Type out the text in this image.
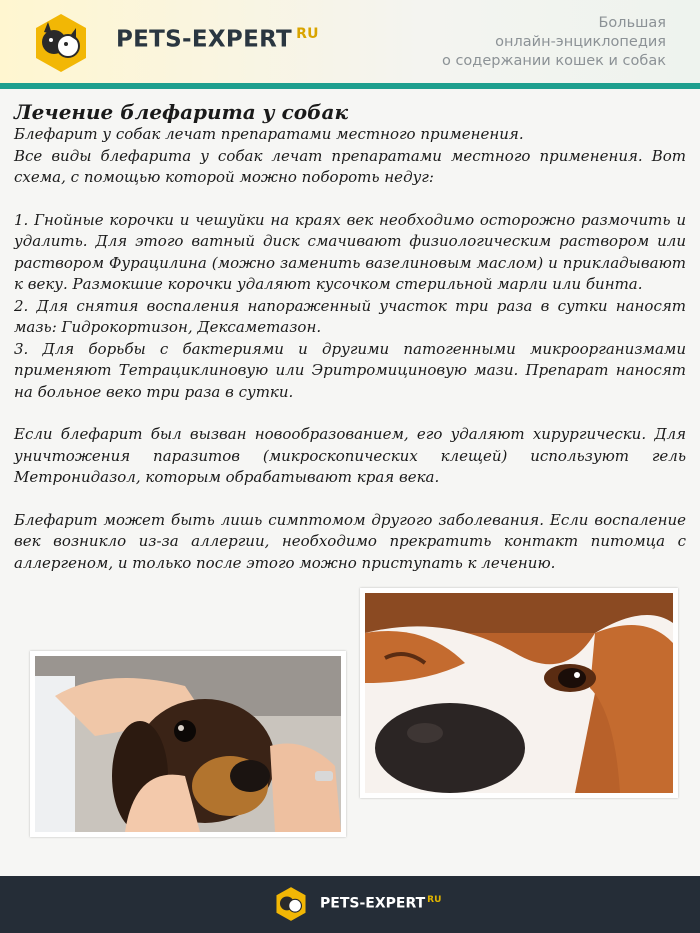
PETS-EXPERT $^{RU}$
Большая
онлайн-энциклопедия
о содержании кошек и собак
Лечение блефарита у собак

Блефарит у собак лечат препаратами местного применения.

Все виды блефарита у собак лечат препаратами местного применения. Вот схема, с помощью которой можно побороть недуг:

1. Гнойные корочки и чешуйки на краях век необходимо осторожно размочить и удалить. Для этого ватный диск смачивают физиологическим раствором или раствором Фурацилина (можно заменить вазелиновым маслом) и прикладывают к веку. Размокшие корочки удаляют кусочком стерильной марли или бинта.

2. Для снятия воспаления напораженный участок три раза в сутки наносят мазь: Гидрокортизон, Дексаметазон.

3. Для борьбы с бактериями и другими патогенными микроорганизмами применяют Тетрациклиновую или Эритромициновую мази. Препарат наносят на больное веко три раза в сутки.

Если блефарит был вызван новообразованием, его удаляют хирургически. Для уничтожения паразитов (микроскопических клещей) используют гель Метронидазол, которым обрабатывают края века.

Блефарит может быть лишь симптомом другого заболевания. Если воспаление век возникло из-за аллергии, необходимо прекратить контакт питомца с аллергеном, и только после этого можно приступать к лечению.

PETS-EXPERT $^{RU}$
